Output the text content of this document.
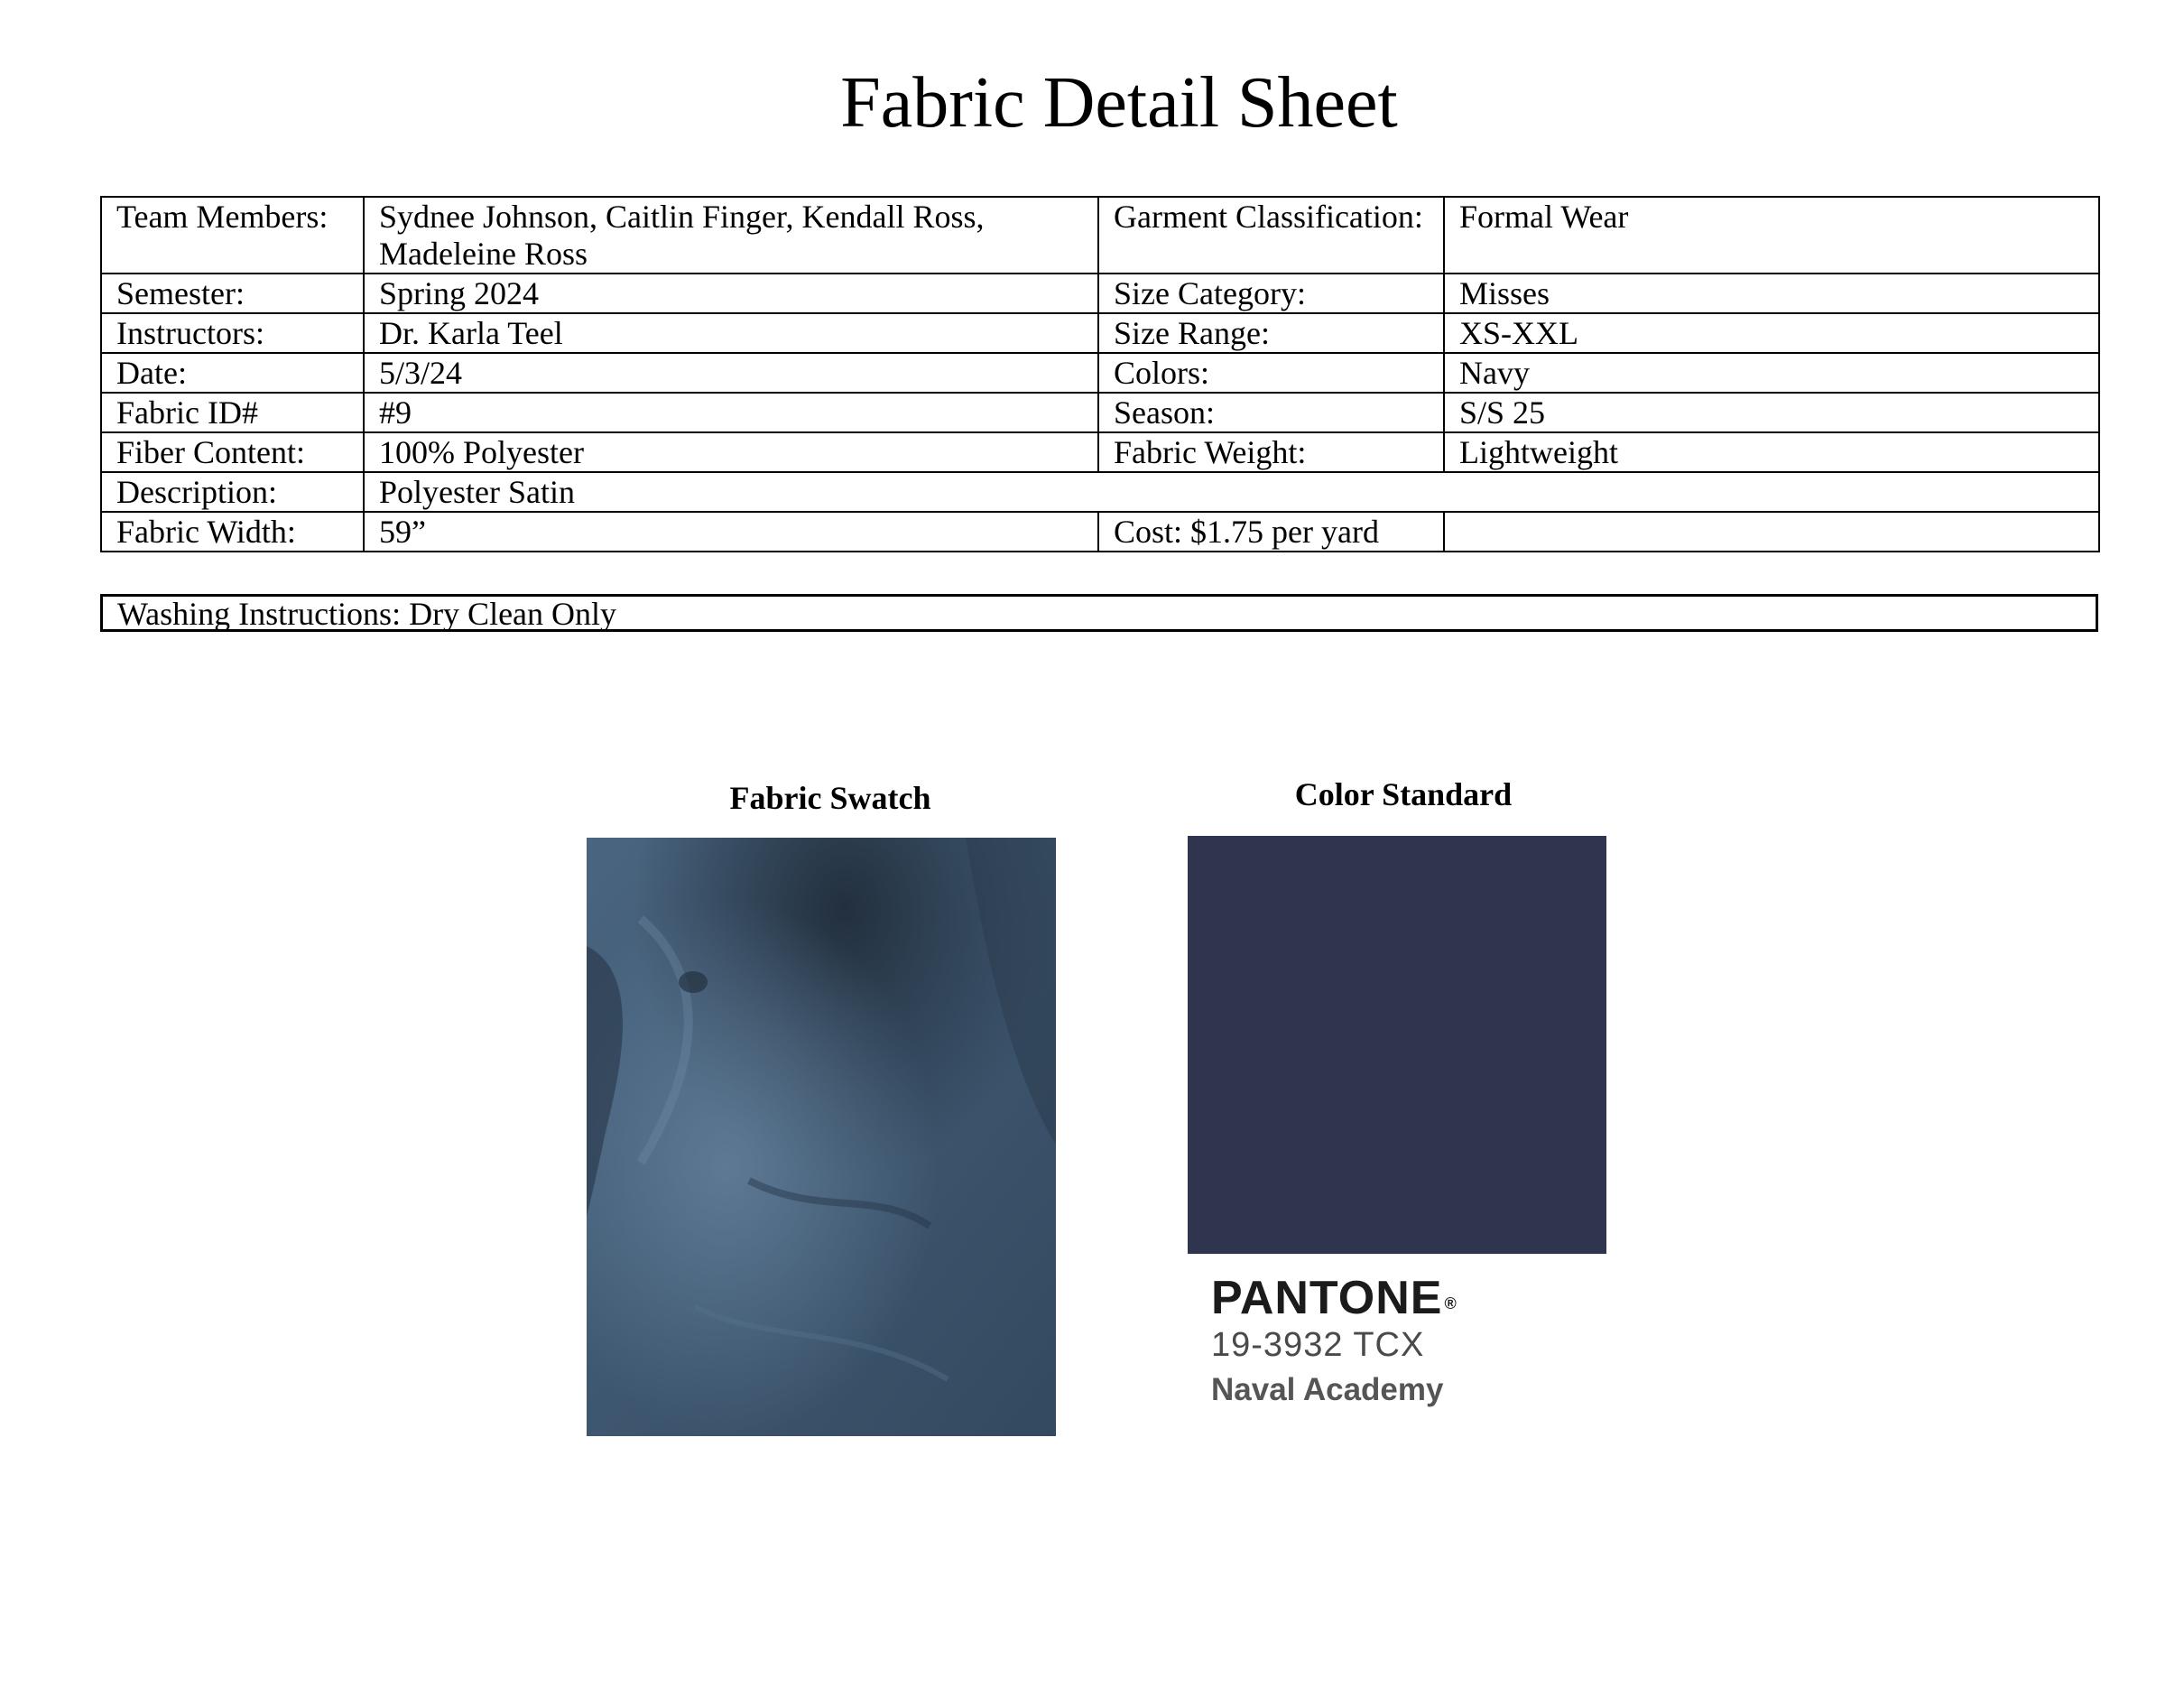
Fabric Detail Sheet
Team Members:	Sydnee Johnson, Caitlin Finger, Kendall Ross, Madeleine Ross	Garment Classification:	Formal Wear
Semester:	Spring 2024	Size Category:	Misses
Instructors:	Dr. Karla Teel	Size Range:	XS-XXL
Date:	5/3/24	Colors:	Navy
Fabric ID#	#9	Season:	S/S 25
Fiber Content:	100% Polyester	Fabric Weight:	Lightweight
Description:	Polyester Satin		
Fabric Width:	59”	Cost: $1.75 per yard	
Washing Instructions: Dry Clean Only
Fabric Swatch	Color Standard
PANTONE ®
19-3932 TCX
Naval Academy
